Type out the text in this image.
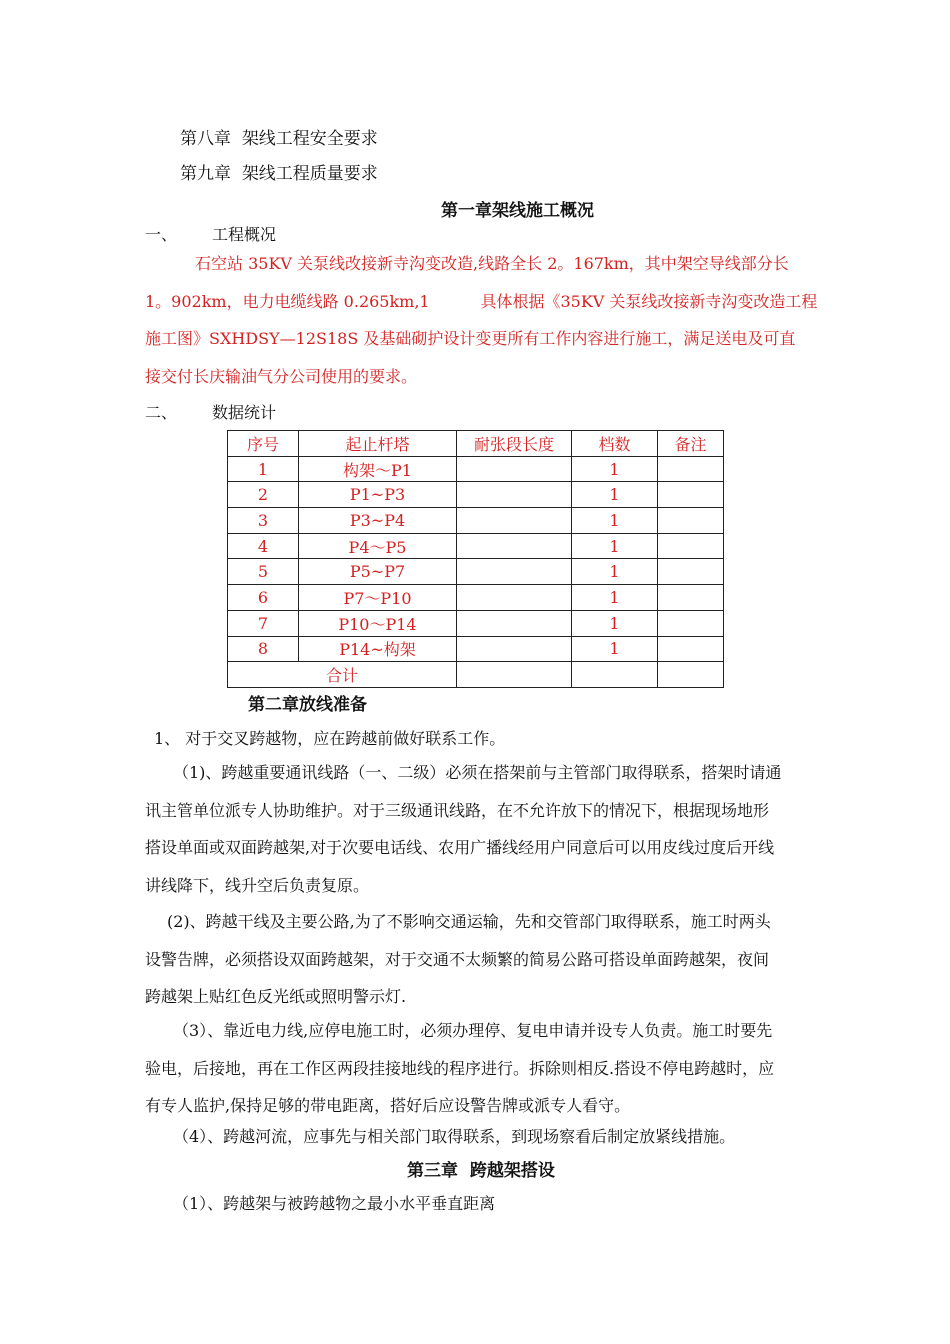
第八章 架线工程安全要求
第九章 架线工程质量要求
第一章架线施工概况
一、 工程概况
石空站 35KV 关泵线改接新寺沟变改造,线路全长 2。167km，其中架空导线部分长
1。902km，电力电缆线路 0.265km,1          具体根据《35KV 关泵线改接新寺沟变改造工程
施工图》SXHDSY—12S18S 及基础砌护设计变更所有工作内容进行施工，满足送电及可直
接交付长庆输油气分公司使用的要求。
二、 数据统计
序号	起止杆塔	耐张段长度	档数	备注
1	构架～P1		1	
2	P1~P3		1	
3	P3~P4		1	
4	P4～P5		1	
5	P5~P7		1	
6	P7～P10		1	
7	P10～P14		1	
8	P14~构架		1	
合计				
第二章放线准备
1、 对于交叉跨越物，应在跨越前做好联系工作。
（1)、跨越重要通讯线路（一、二级）必须在搭架前与主管部门取得联系，搭架时请通
讯主管单位派专人协助维护。对于三级通讯线路，在不允许放下的情况下，根据现场地形
搭设单面或双面跨越架,对于次要电话线、农用广播线经用户同意后可以用皮线过度后开线
讲线降下，线升空后负责复原。
(2)、跨越干线及主要公路,为了不影响交通运输，先和交管部门取得联系，施工时两头
设警告牌，必须搭设双面跨越架，对于交通不太频繁的简易公路可搭设单面跨越架，夜间
跨越架上贴红色反光纸或照明警示灯.
（3）、靠近电力线,应停电施工时，必须办理停、复电申请并设专人负责。施工时要先
验电，后接地，再在工作区两段挂接地线的程序进行。拆除则相反.搭设不停电跨越时，应
有专人监护,保持足够的带电距离，搭好后应设警告牌或派专人看守。
（4）、跨越河流，应事先与相关部门取得联系，到现场察看后制定放紧线措施。
第三章  跨越架搭设
（1）、跨越架与被跨越物之最小水平垂直距离
